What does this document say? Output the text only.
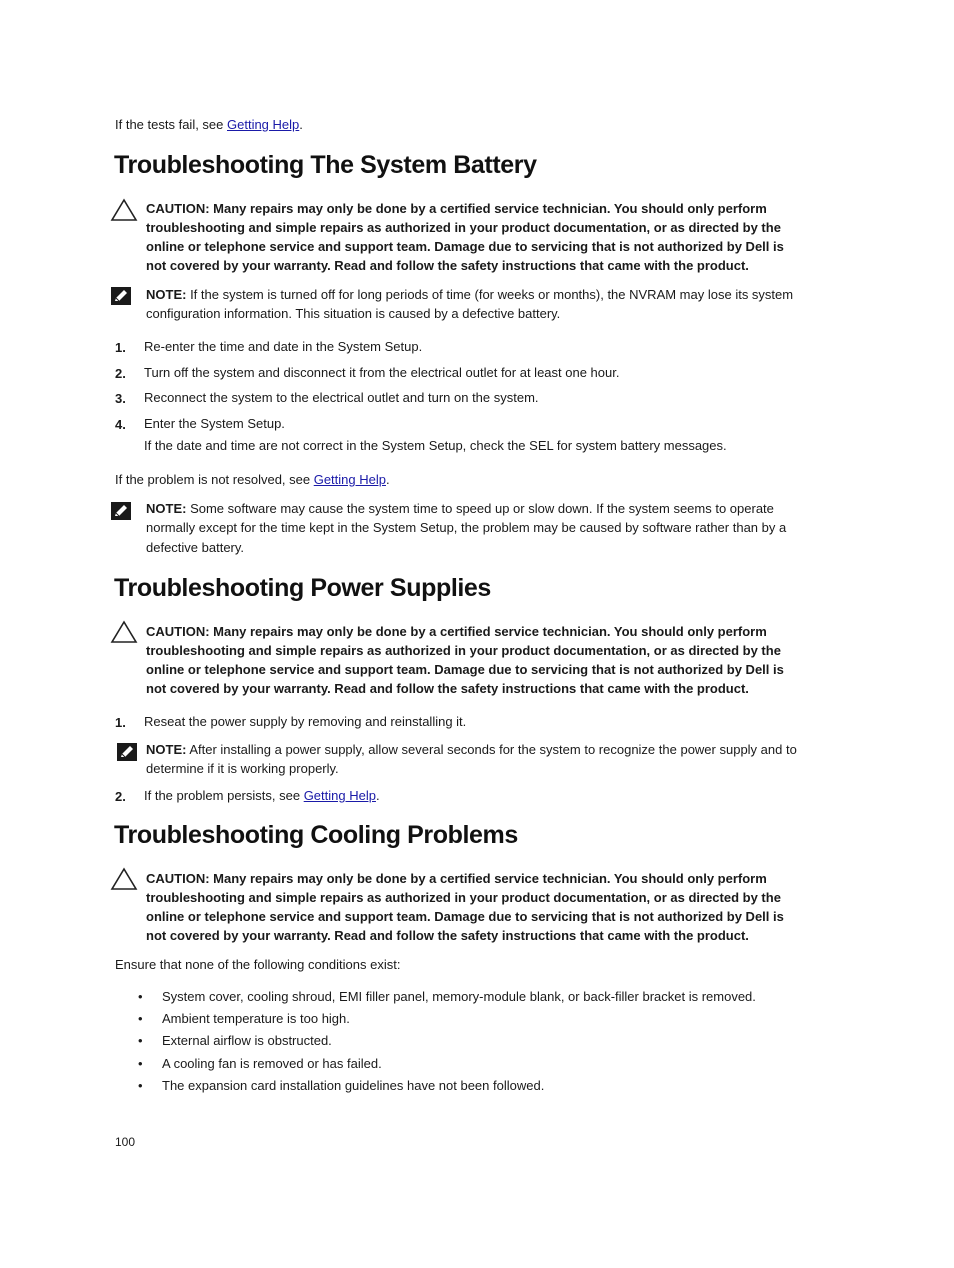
If the tests fail, see Getting Help.
Troubleshooting The System Battery
CAUTION: Many repairs may only be done by a certified service technician. You should only perform troubleshooting and simple repairs as authorized in your product documentation, or as directed by the online or telephone service and support team. Damage due to servicing that is not authorized by Dell is not covered by your warranty. Read and follow the safety instructions that came with the product.
NOTE: If the system is turned off for long periods of time (for weeks or months), the NVRAM may lose its system configuration information. This situation is caused by a defective battery.
1. Re-enter the time and date in the System Setup.
2. Turn off the system and disconnect it from the electrical outlet for at least one hour.
3. Reconnect the system to the electrical outlet and turn on the system.
4. Enter the System Setup.
If the date and time are not correct in the System Setup, check the SEL for system battery messages.
If the problem is not resolved, see Getting Help.
NOTE: Some software may cause the system time to speed up or slow down. If the system seems to operate normally except for the time kept in the System Setup, the problem may be caused by software rather than by a defective battery.
Troubleshooting Power Supplies
CAUTION: Many repairs may only be done by a certified service technician. You should only perform troubleshooting and simple repairs as authorized in your product documentation, or as directed by the online or telephone service and support team. Damage due to servicing that is not authorized by Dell is not covered by your warranty. Read and follow the safety instructions that came with the product.
1. Reseat the power supply by removing and reinstalling it.
NOTE: After installing a power supply, allow several seconds for the system to recognize the power supply and to determine if it is working properly.
2. If the problem persists, see Getting Help.
Troubleshooting Cooling Problems
CAUTION: Many repairs may only be done by a certified service technician. You should only perform troubleshooting and simple repairs as authorized in your product documentation, or as directed by the online or telephone service and support team. Damage due to servicing that is not authorized by Dell is not covered by your warranty. Read and follow the safety instructions that came with the product.
Ensure that none of the following conditions exist:
• System cover, cooling shroud, EMI filler panel, memory-module blank, or back-filler bracket is removed.
• Ambient temperature is too high.
• External airflow is obstructed.
• A cooling fan is removed or has failed.
• The expansion card installation guidelines have not been followed.
100
